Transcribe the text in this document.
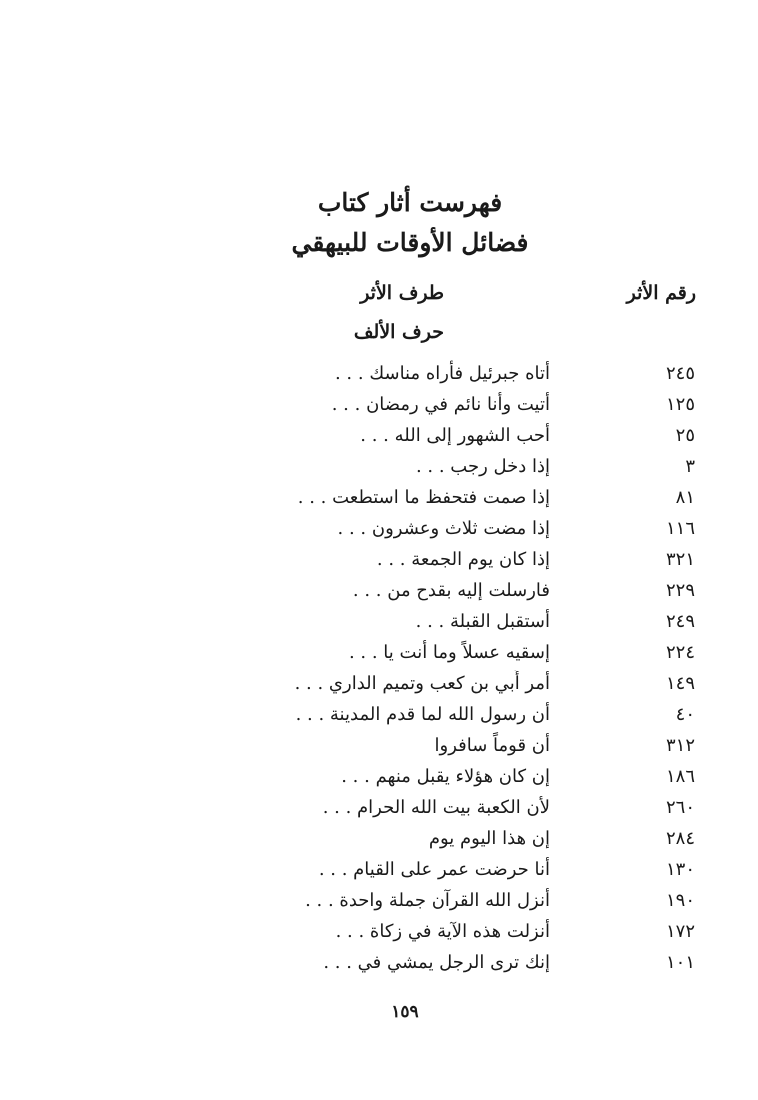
فهرست أثار كتاب
فضائل الأوقات للبيهقي
رقم الأثر
طرف الأثر
حرف الألف
٢٤٥
أتاه جبرئيل فأراه مناسك . . .
١٢٥
أتيت وأنا نائم في رمضان . . .
٢٥
أحب الشهور إلى الله . . .
٣
إذا دخل رجب . . .
٨١
إذا صمت فتحفظ ما استطعت . . .
١١٦
إذا مضت ثلاث وعشرون . . .
٣٢١
إذا كان يوم الجمعة . . .
٢٢٩
فارسلت إليه بقدح من . . .
٢٤٩
أستقبل القبلة . . .
٢٢٤
إسقيه عسلاً وما أنت يا . . .
١٤٩
أمر أُبي بن كعب وتميم الداري . . .
٤٠
أن رسول الله لما قدم المدينة . . .
٣١٢
أن قوماً سافروا
١٨٦
إن كان هؤلاء يقبل منهم . . .
٢٦٠
لأن الكعبة بيت الله الحرام . . .
٢٨٤
إن هذا اليوم يوم
١٣٠
أنا حرضت عمر على القيام . . .
١٩٠
أنزل الله القرآن جملة واحدة . . .
١٧٢
أنزلت هذه الآية في زكاة . . .
١٠١
إنك ترى الرجل يمشي في . . .
١٥٩
